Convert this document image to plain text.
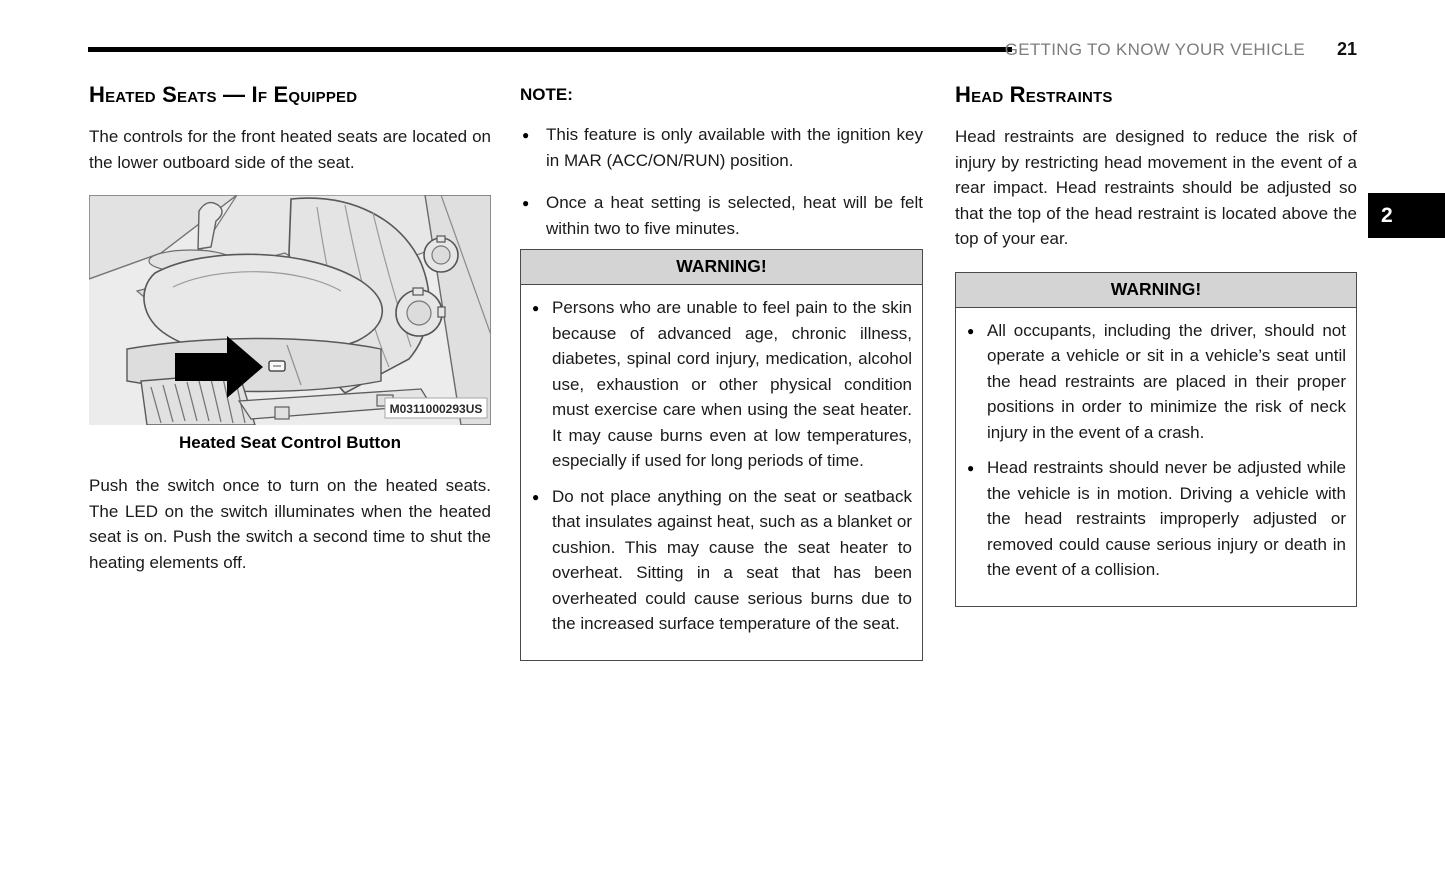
GETTING TO KNOW YOUR VEHICLE 21
2
Heated Seats — If Equipped

The controls for the front heated seats are located on the lower outboard side of the seat.

M0311000293US
Heated Seat Control Button

Push the switch once to turn on the heated seats. The LED on the switch illuminates when the heated seat is on. Push the switch a second time to shut the heating elements off.

NOTE:
● This feature is only available with the ignition key in MAR (ACC/ON/RUN) position.
● Once a heat setting is selected, heat will be felt within two to five minutes.
WARNING!
● Persons who are unable to feel pain to the skin because of advanced age, chronic illness, diabetes, spinal cord injury, medication, alcohol use, exhaustion or other physical condition must exercise care when using the seat heater. It may cause burns even at low temperatures, especially if used for long periods of time.
● Do not place anything on the seat or seatback that insulates against heat, such as a blanket or cushion. This may cause the seat heater to overheat. Sitting in a seat that has been overheated could cause serious burns due to the increased surface temperature of the seat.
Head Restraints

Head restraints are designed to reduce the risk of injury by restricting head movement in the event of a rear impact. Head restraints should be adjusted so that the top of the head restraint is located above the top of your ear.

WARNING!
● All occupants, including the driver, should not operate a vehicle or sit in a vehicle’s seat until the head restraints are placed in their proper positions in order to minimize the risk of neck injury in the event of a crash.
● Head restraints should never be adjusted while the vehicle is in motion. Driving a vehicle with the head restraints improperly adjusted or removed could cause serious injury or death in the event of a collision.
